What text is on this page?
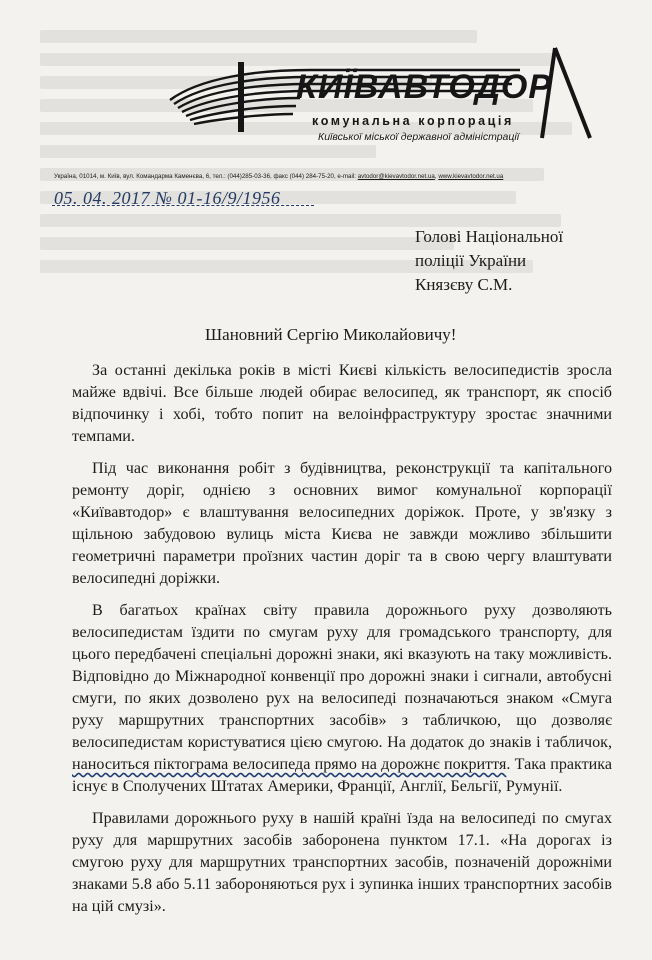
КИЇВАВТОДОР
комунальна корпорація
Київської міської державної адміністрації
Україна, 01014, м. Київ, вул. Командарма Каменєва, 6, тел.: (044)285-03-36, факс (044) 284-75-20, e-mail: avtodor@kievavtodor.net.ua, www.kievavtodor.net.ua
05. 04. 2017 № 01-16/9/1956
Голові Національної
поліції України
Князєву С.М.
Шановний Сергію Миколайовичу!

За останні декілька років в місті Києві кількість велосипедистів зросла майже вдвічі. Все більше людей обирає велосипед, як транспорт, як спосіб відпочинку і хобі, тобто попит на велоінфраструктуру зростає значними темпами.

Під час виконання робіт з будівництва, реконструкції та капітального ремонту доріг, однією з основних вимог комунальної корпорації «Київавтодор» є влаштування велосипедних доріжок. Проте, у зв'язку з щільною забудовою вулиць міста Києва не завжди можливо збільшити геометричні параметри проїзних частин доріг та в свою чергу влаштувати велосипедні доріжки.

В багатьох країнах світу правила дорожнього руху дозволяють велосипедистам їздити по смугам руху для громадського транспорту, для цього передбачені спеціальні дорожні знаки, які вказують на таку можливість. Відповідно до Міжнародної конвенції про дорожні знаки і сигнали, автобусні смуги, по яких дозволено рух на велосипеді позначаються знаком «Смуга руху маршрутних транспортних засобів» з табличкою, що дозволяє велосипедистам користуватися цією смугою. На додаток до знаків і табличок, наноситься піктограма велосипеда прямо на дорожнє покриття. Така практика існує в Сполучених Штатах Америки, Франції, Англії, Бельгії, Румунії.

Правилами дорожнього руху в нашій країні їзда на велосипеді по смугах руху для маршрутних засобів заборонена пунктом 17.1. «На дорогах із смугою руху для маршрутних транспортних засобів, позначеній дорожніми знаками 5.8 або 5.11 забороняються рух і зупинка інших транспортних засобів на цій смузі».
